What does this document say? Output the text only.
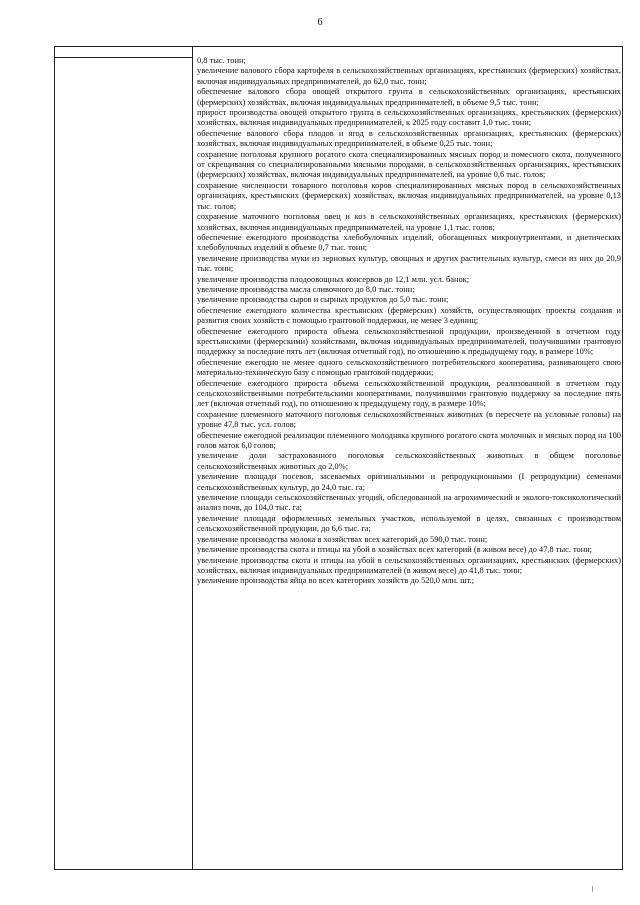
6

0,8 тыс. тонн;

увеличение валового сбора картофеля в сельскохозяйственных организациях, крестьянских (фермерских) хозяйствах, включая индивидуальных предпринимателей, до 62,0 тыс. тонн;

обеспечение валового сбора овощей открытого грунта в сельскохозяйственных организациях, крестьянских (фермерских) хозяйствах, включая индивидуальных предпринимателей, в объеме 9,5 тыс. тонн;

прирост производства овощей открытого грунта в сельскохозяйственных организациях, крестьянских (фермерских) хозяйствах, включая индивидуальных предпринимателей, к 2025 году составит 1,0 тыс. тонн;

обеспечение валового сбора плодов и ягод в сельскохозяйственных организациях, крестьянских (фермерских) хозяйствах, включая индивидуальных предпринимателей, в объеме 0,25 тыс. тонн;

сохранение поголовья крупного рогатого скота специализированных мясных пород и помесного скота, полученного от скрещивания со специализированными мясными породами, в сельскохозяйственных организациях, крестьянских (фермерских) хозяйствах, включая индивидуальных предпринимателей, на уровне 0,6 тыс. голов;

сохранение численности товарного поголовья коров специализированных мясных пород в сельскохозяйственных организациях, крестьянских (фермерских) хозяйствах, включая индивидуальных предпринимателей, на уровне 0,13 тыс. голов;

сохранение маточного поголовья овец и коз в сельскохозяйственных организациях, крестьянских (фермерских) хозяйствах, включая индивидуальных предпринимателей, на уровне 1,1 тыс. голов;

обеспечение ежегодного производства хлебобулочных изделий, обогащенных микронутриентами, и диетических хлебобулочных изделий в объеме 0,7 тыс. тонн;

увеличение производства муки из зерновых культур, овощных и других растительных культур, смеси из них до 20,9 тыс. тонн;

увеличение производства плодоовощных консервов до 12,1 млн. усл. банок;

увеличение производства масла сливочного до 8,0 тыс. тонн;

увеличение производства сыров и сырных продуктов до 5,0 тыс. тонн;

обеспечение ежегодного количества крестьянских (фермерских) хозяйств, осуществляющих проекты создания и развития своих хозяйств с помощью грантовой поддержки, не менее 3 единиц;

обеспечение ежегодного прироста объема сельскохозяйственной продукции, произведенной в отчетном году крестьянскими (фермерскими) хозяйствами, включая индивидуальных предпринимателей, получившими грантовую поддержку за последние пять лет (включая отчетный год), по отношению к предыдущему году, в размере 10%;

обеспечение ежегодно не менее одного сельскохозяйственного потребительского кооператива, развивающего свою материально-техническую базу с помощью грантовой поддержки;

обеспечение ежегодного прироста объема сельскохозяйственной продукции, реализованной в отчетном году сельскохозяйственными потребительскими кооперативами, получившими грантовую поддержку за последние пять лет (включая отчетный год), по отношению к предыдущему году, в размере 10%;

сохранение племенного маточного поголовья сельскохозяйственных животных (в пересчете на условные головы) на уровне 47,8 тыс. усл. голов;

обеспечение ежегодной реализации племенного молодняка крупного рогатого скота молочных и мясных пород на 100 голов маток 6,0 голов;

увеличение доли застрахованного поголовья сельскохозяйственных животных в общем поголовье сельскохозяйственных животных до 2,0%;

увеличение площади посевов, засеваемых оригинальными и репродукционными (I репродукции) семенами сельскохозяйственных культур, до 24,0 тыс. га;

увеличение площади сельскохозяйственных угодий, обследованной на агрохимический и эколого-токсикологический анализ почв, до 104,0 тыс. га;

увеличение площади оформленных земельных участков, используемой в целях, связанных с производством сельскохозяйственной продукции, до 6,6 тыс. га;

увеличение производства молока в хозяйствах всех категорий до 590,0 тыс. тонн;

увеличение производства скота и птицы на убой в хозяйствах всех категорий (в живом весе) до 47,8 тыс. тонн;

увеличение производства скота и птицы на убой в сельскохозяйственных организациях, крестьянских (фермерских) хозяйствах, включая индивидуальных предпринимателей (в живом весе) до 41,8 тыс. тонн;

увеличение производства яйца во всех категориях хозяйств до 520,0 млн. шт.;
